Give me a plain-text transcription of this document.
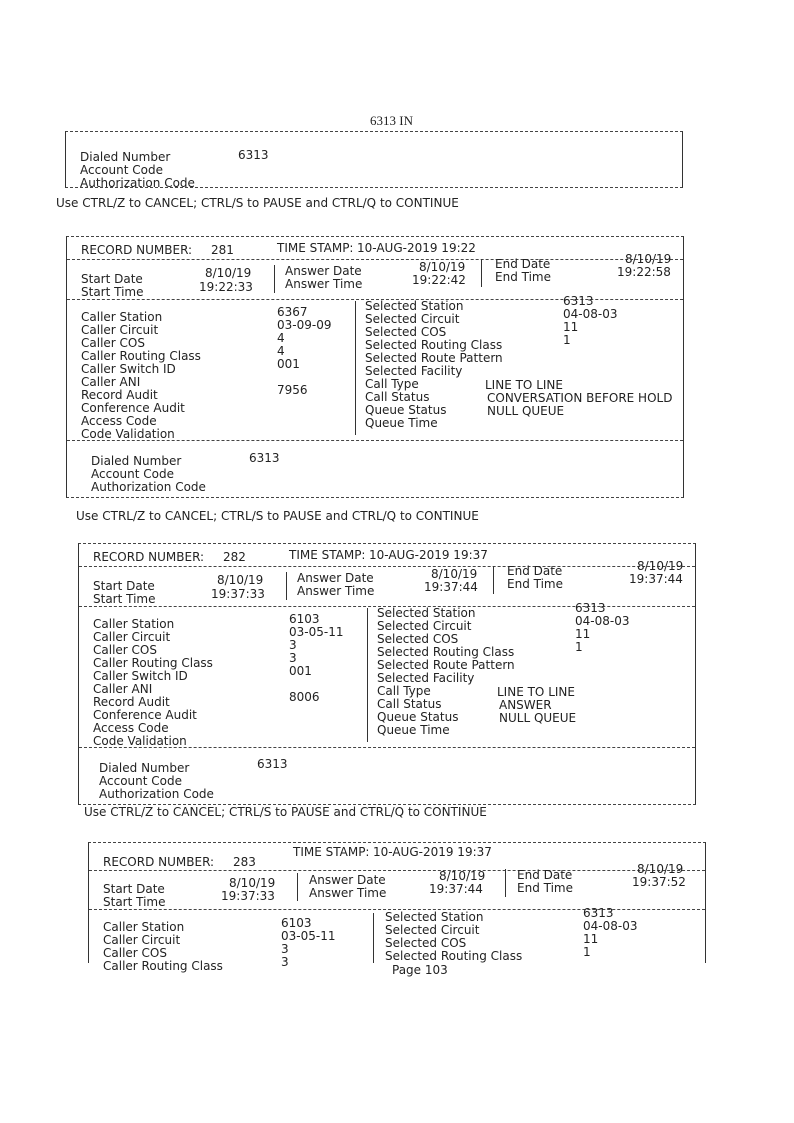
6313 IN
Dialed Number
Account Code
Authorization Code
6313
Use CTRL/Z to CANCEL; CTRL/S to PAUSE and CTRL/Q to CONTINUE
RECORD NUMBER: 281	TIME STAMP: 10-AUG-2019 19:22
Start Date
Start Time
8/10/19
19:22:33
Answer Date
Answer Time
8/10/19
19:22:42
End Date
End Time
8/10/19
19:22:58
Caller Station
Caller Circuit
Caller COS
Caller Routing Class
Caller Switch ID
Caller ANI
Record Audit
Conference Audit
Access Code
Code Validation
6367
03-09-09
4
4
001
7956
Selected Station
Selected Circuit
Selected COS
Selected Routing Class
Selected Route Pattern
Selected Facility
Call Type
Call Status
Queue Status
Queue Time
6313
04-08-03
11
1
LINE TO LINE
CONVERSATION BEFORE HOLD
NULL QUEUE
Dialed Number
Account Code
Authorization Code
6313
Use CTRL/Z to CANCEL; CTRL/S to PAUSE and CTRL/Q to CONTINUE
RECORD NUMBER: 282	TIME STAMP: 10-AUG-2019 19:37
Start Date
Start Time
8/10/19
19:37:33
Answer Date
Answer Time
8/10/19
19:37:44
End Date
End Time
8/10/19
19:37:44
Caller Station
Caller Circuit
Caller COS
Caller Routing Class
Caller Switch ID
Caller ANI
Record Audit
Conference Audit
Access Code
Code Validation
6103
03-05-11
3
3
001
8006
Selected Station
Selected Circuit
Selected COS
Selected Routing Class
Selected Route Pattern
Selected Facility
Call Type
Call Status
Queue Status
Queue Time
6313
04-08-03
11
1
LINE TO LINE
ANSWER
NULL QUEUE
Dialed Number
Account Code
Authorization Code
6313
Use CTRL/Z to CANCEL; CTRL/S to PAUSE and CTRL/Q to CONTINUE
RECORD NUMBER: 283
TIME STAMP: 10-AUG-2019 19:37
Start Date
Start Time
8/10/19
19:37:33
Answer Date
Answer Time
8/10/19
19:37:44
End Date
End Time
8/10/19
19:37:52
Caller Station
Caller Circuit
Caller COS
Caller Routing Class
6103
03-05-11
3
3
Selected Station
Selected Circuit
Selected COS
Selected Routing Class
6313
04-08-03
11
1
Page 103
